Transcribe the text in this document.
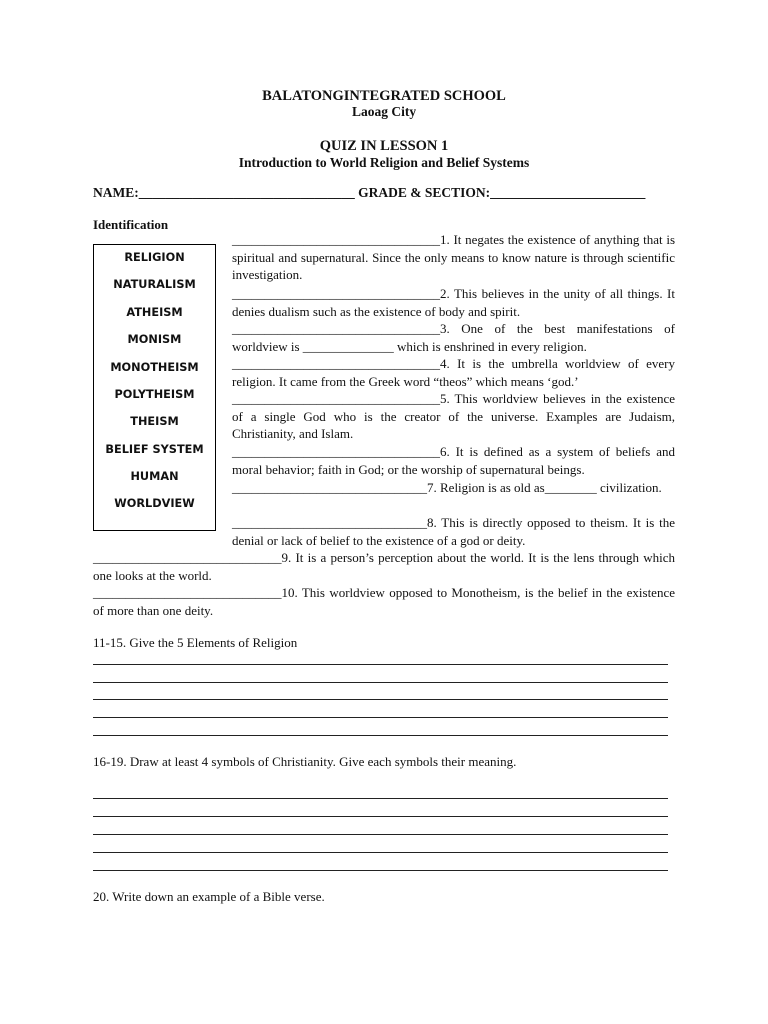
BALATONGINTEGRATED SCHOOL
Laoag City
QUIZ IN LESSON 1
Introduction to World Religion and Belief Systems
NAME:________________________________ GRADE & SECTION:_______________________
Identification
RELIGION
NATURALISM
ATHEISM
MONISM
MONOTHEISM
POLYTHEISM
THEISM
BELIEF SYSTEM
HUMAN
WORLDVIEW
________________________________1. It negates the existence of anything that is spiritual and supernatural. Since the only means to know nature is through scientific investigation.
________________________________2. This believes in the unity of all things. It denies dualism such as the existence of body and spirit.
________________________________3. One of the best manifestations of worldview is ______________ which is enshrined in every religion.
________________________________4. It is the umbrella worldview of every religion. It came from the Greek word “theos” which means ‘god.’
________________________________5. This worldview believes in the existence of a single God who is the creator of the universe. Examples are Judaism, Christianity, and Islam.
________________________________6. It is defined as a system of beliefs and moral behavior; faith in God; or the worship of supernatural beings.
______________________________7. Religion is as old as________ civilization.
______________________________8. This is directly opposed to theism. It is the denial or lack of belief to the existence of a god or deity.
_____________________________9. It is a person’s perception about the world. It is the lens through which one looks at the world.
_____________________________10. This worldview opposed to Monotheism, is the belief in the existence of more than one deity.
11-15. Give the 5 Elements of Religion
16-19. Draw at least 4 symbols of Christianity. Give each symbols their meaning.
20. Write down an example of a Bible verse.
